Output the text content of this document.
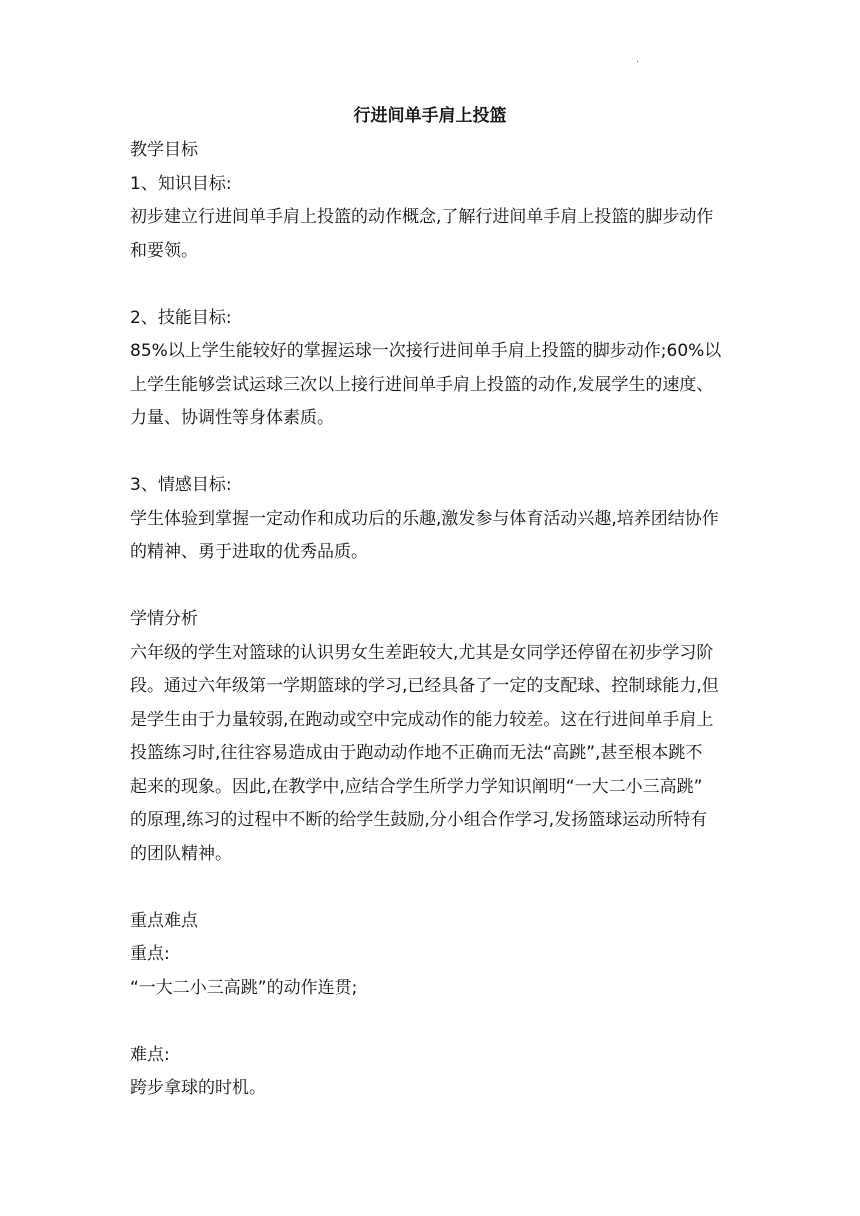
·
行进间单手肩上投篮
教学目标
1、知识目标:
初步建立行进间单手肩上投篮的动作概念,了解行进间单手肩上投篮的脚步动作
和要领。
2、技能目标:
85%以上学生能较好的掌握运球一次接行进间单手肩上投篮的脚步动作;60%以
上学生能够尝试运球三次以上接行进间单手肩上投篮的动作,发展学生的速度、
力量、协调性等身体素质。
3、情感目标:
学生体验到掌握一定动作和成功后的乐趣,激发参与体育活动兴趣,培养团结协作
的精神、勇于进取的优秀品质。
学情分析
六年级的学生对篮球的认识男女生差距较大,尤其是女同学还停留在初步学习阶
段。通过六年级第一学期篮球的学习,已经具备了一定的支配球、控制球能力,但
是学生由于力量较弱,在跑动或空中完成动作的能力较差。这在行进间单手肩上
投篮练习时,往往容易造成由于跑动动作地不正确而无法“高跳”,甚至根本跳不
起来的现象。因此,在教学中,应结合学生所学力学知识阐明“一大二小三高跳”
的原理,练习的过程中不断的给学生鼓励,分小组合作学习,发扬篮球运动所特有
的团队精神。
重点难点
重点:
“一大二小三高跳”的动作连贯;
难点:
跨步拿球的时机。
